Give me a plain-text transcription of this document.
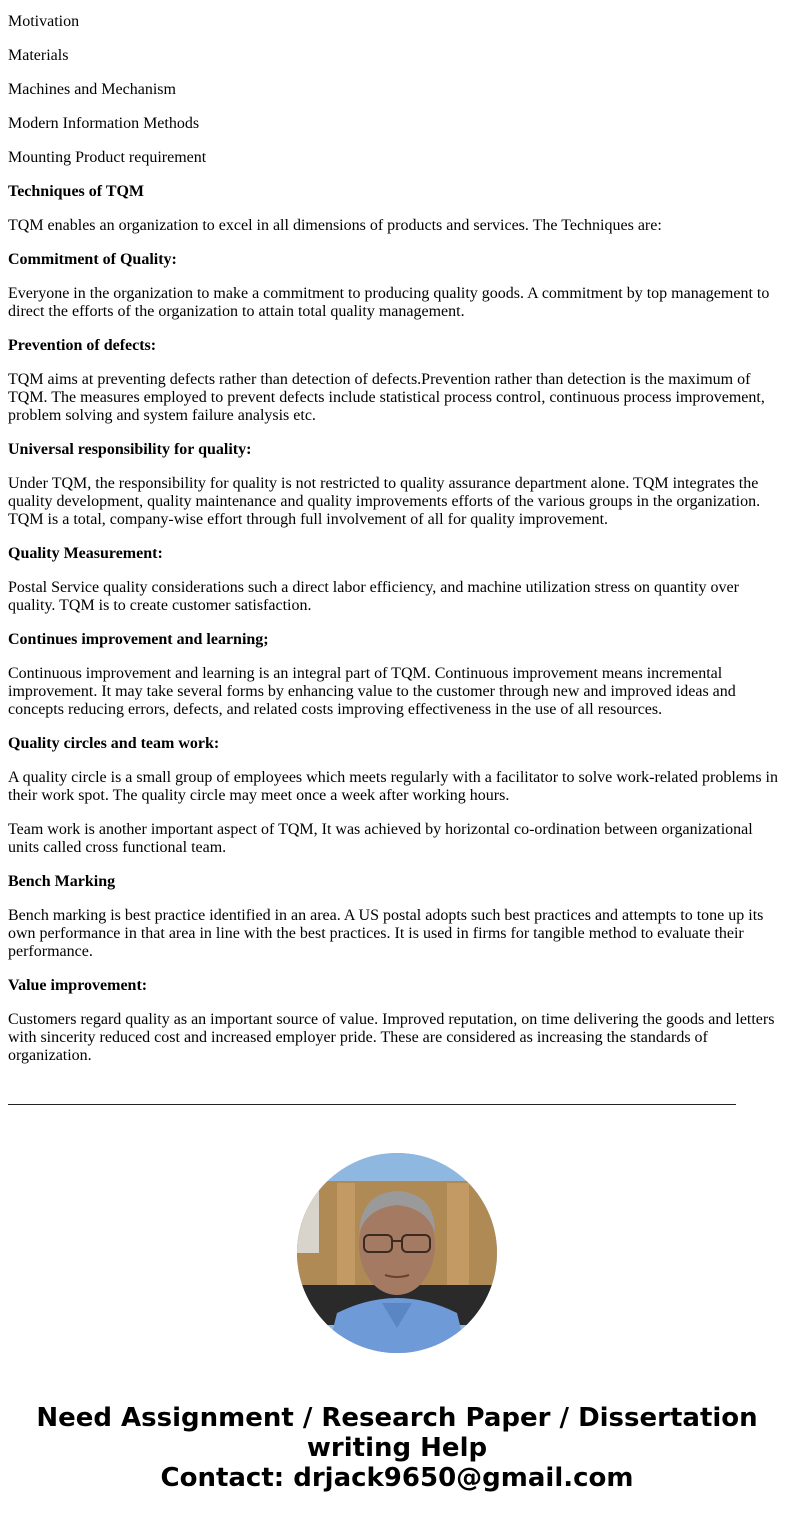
Motivation

Materials

Machines and Mechanism

Modern Information Methods

Mounting Product requirement

Techniques of TQM

TQM enables an organization to excel in all dimensions of products and services. The Techniques are:

Commitment of Quality:

Everyone in the organization to make a commitment to producing quality goods. A commitment by top management to direct the efforts of the organization to attain total quality management.

Prevention of defects:

TQM aims at preventing defects rather than detection of defects.Prevention rather than detection is the maximum of TQM. The measures employed to prevent defects include statistical process control, continuous process improvement, problem solving and system failure analysis etc.

Universal responsibility for quality:

Under TQM, the responsibility for quality is not restricted to quality assurance department alone. TQM integrates the quality development, quality maintenance and quality improvements efforts of the various groups in the organization. TQM is a total, company-wise effort through full involvement of all for quality improvement.

Quality Measurement:

Postal Service quality considerations such a direct labor efficiency, and machine utilization stress on quantity over quality. TQM is to create customer satisfaction.

Continues improvement and learning;

Continuous improvement and learning is an integral part of TQM. Continuous improvement means incremental improvement. It may take several forms by enhancing value to the customer through new and improved ideas and concepts reducing errors, defects, and related costs improving effectiveness in the use of all resources.

Quality circles and team work:

A quality circle is a small group of employees which meets regularly with a facilitator to solve work-related problems in their work spot. The quality circle may meet once a week after working hours.

Team work is another important aspect of TQM, It was achieved by horizontal co-ordination between organizational units called cross functional team.

Bench Marking

Bench marking is best practice identified in an area. A US postal adopts such best practices and attempts to tone up its own performance in that area in line with the best practices. It is used in firms for tangible method to evaluate their performance.

Value improvement:

Customers regard quality as an important source of value. Improved reputation, on time delivering the goods and letters with sincerity reduced cost and increased employer pride. These are considered as increasing the standards of organization.

Need Assignment / Research Paper / Dissertation
writing Help
Contact: drjack9650@gmail.com
